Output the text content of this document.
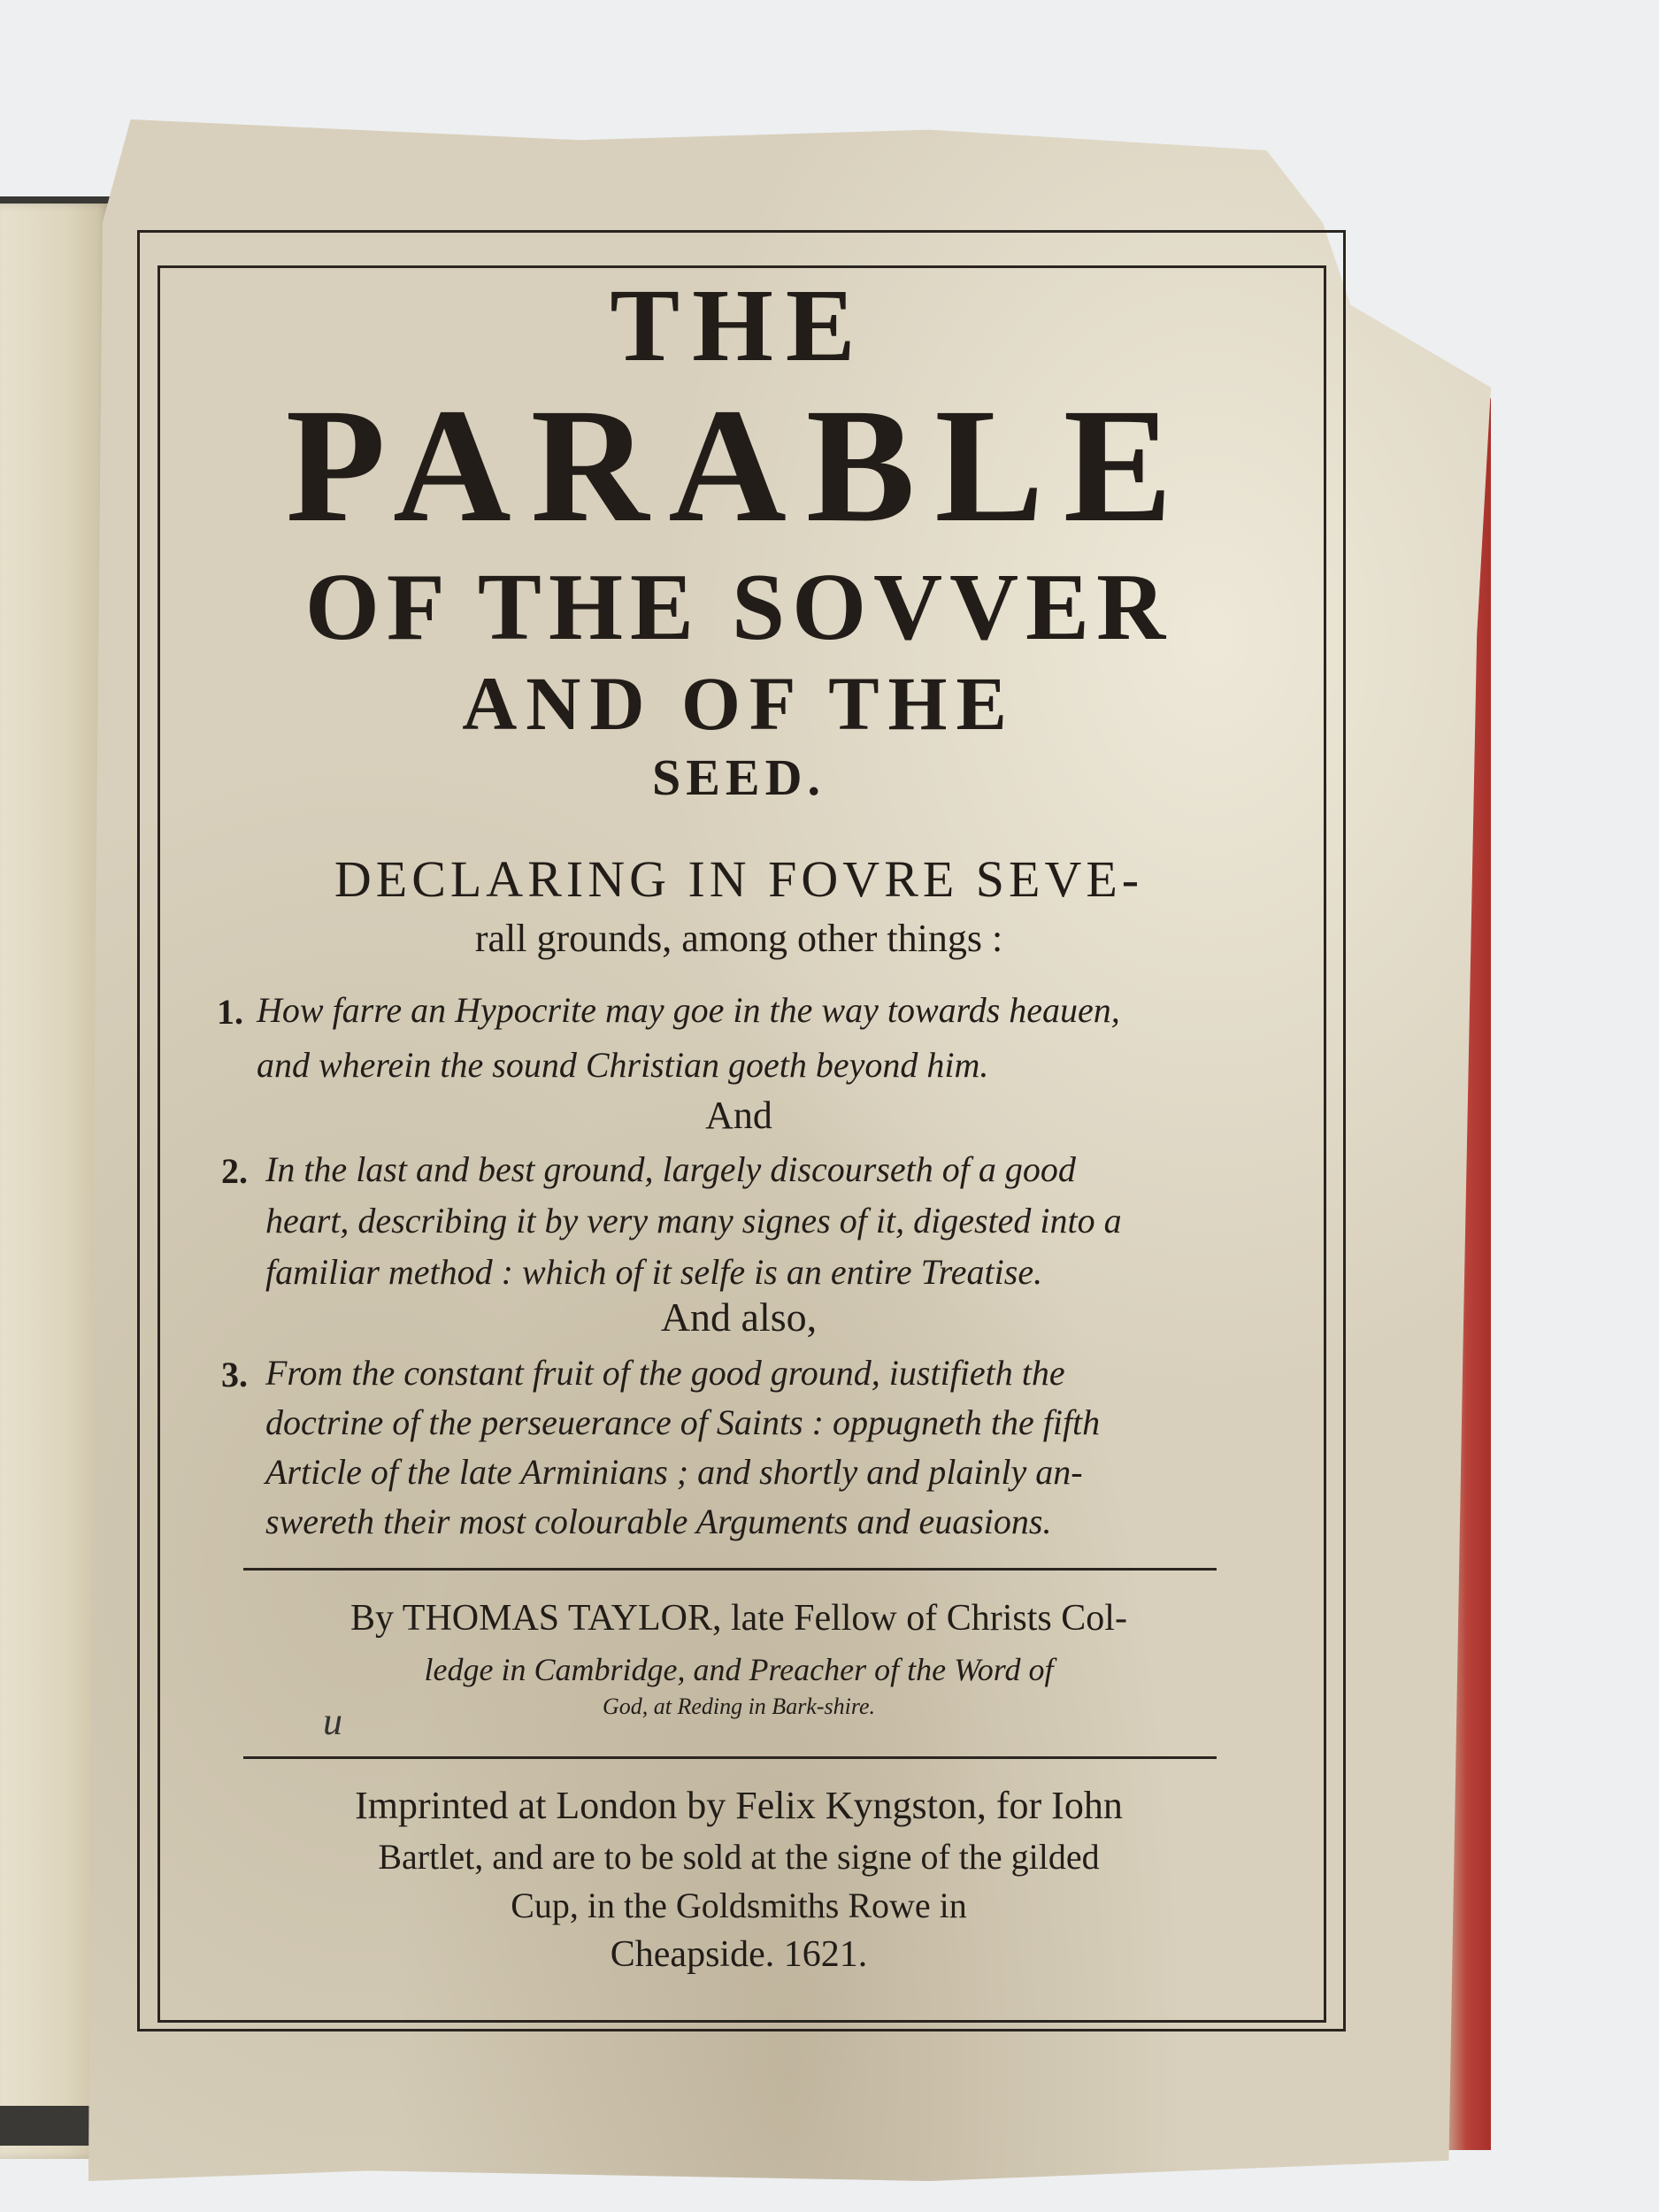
THE
PARABLE
OF THE SOVVER
AND OF THE
SEED.
DECLARING IN FOVRE SEVE-
rall grounds, among other things :
1. How farre an Hypocrite may goe in the way towards heauen,
and wherein the sound Christian goeth beyond him.
And
2. In the last and best ground, largely discourseth of a good
heart, describing it by very many signes of it, digested into a
familiar method : which of it selfe is an entire Treatise.
And also,
3. From the constant fruit of the good ground, iustifieth the
doctrine of the perseuerance of Saints : oppugneth the fifth
Article of the late Arminians ; and shortly and plainly an-
swereth their most colourable Arguments and euasions.
By THOMAS TAYLOR, late Fellow of Christs Col-
ledge in Cambridge, and Preacher of the Word of
God, at Reding in Bark-shire.
u
Imprinted at London by Felix Kyngston, for Iohn
Bartlet, and are to be sold at the signe of the gilded
Cup, in the Goldsmiths Rowe in
Cheapside. 1621.
